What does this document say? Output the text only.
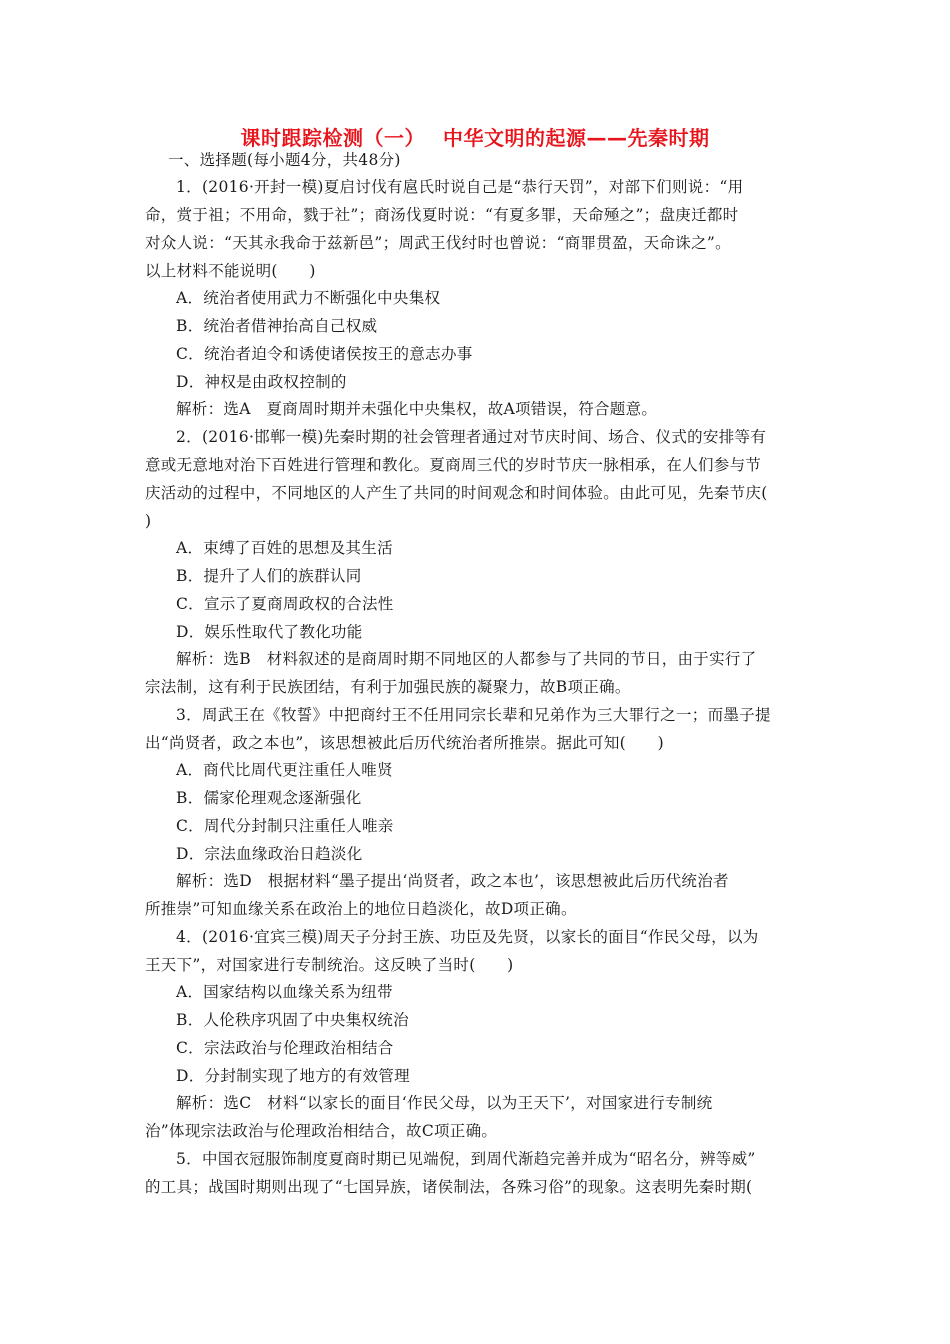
课时跟踪检测（一）　 中华文明的起源——先秦时期
一、选择题(每小题4分，共48分)
1．(2016·开封一模)夏启讨伐有扈氏时说自己是“恭行天罚”，对部下们则说：“用
命，赏于祖；不用命，戮于社”；商汤伐夏时说：“有夏多罪，天命殛之”；盘庚迁都时
对众人说：“天其永我命于兹新邑”；周武王伐纣时也曾说：“商罪贯盈，天命诛之”。
以上材料不能说明(　　)
A．统治者使用武力不断强化中央集权
B．统治者借神抬高自己权威
C．统治者迫令和诱使诸侯按王的意志办事
D．神权是由政权控制的
解析：选A　夏商周时期并未强化中央集权，故A项错误，符合题意。
2．(2016·邯郸一模)先秦时期的社会管理者通过对节庆时间、场合、仪式的安排等有
意或无意地对治下百姓进行管理和教化。夏商周三代的岁时节庆一脉相承，在人们参与节
庆活动的过程中，不同地区的人产生了共同的时间观念和时间体验。由此可见，先秦节庆(
)
A．束缚了百姓的思想及其生活
B．提升了人们的族群认同
C．宣示了夏商周政权的合法性
D．娱乐性取代了教化功能
解析：选B　材料叙述的是商周时期不同地区的人都参与了共同的节日，由于实行了
宗法制，这有利于民族团结，有利于加强民族的凝聚力，故B项正确。
3．周武王在《牧誓》中把商纣王不任用同宗长辈和兄弟作为三大罪行之一；而墨子提
出“尚贤者，政之本也”，该思想被此后历代统治者所推崇。据此可知(　　)
A．商代比周代更注重任人唯贤
B．儒家伦理观念逐渐强化
C．周代分封制只注重任人唯亲
D．宗法血缘政治日趋淡化
解析：选D　根据材料“墨子提出‘尚贤者，政之本也’，该思想被此后历代统治者
所推崇”可知血缘关系在政治上的地位日趋淡化，故D项正确。
4．(2016·宜宾三模)周天子分封王族、功臣及先贤，以家长的面目“作民父母，以为
王天下”，对国家进行专制统治。这反映了当时(　　)
A．国家结构以血缘关系为纽带
B．人伦秩序巩固了中央集权统治
C．宗法政治与伦理政治相结合
D．分封制实现了地方的有效管理
解析：选C　材料“以家长的面目‘作民父母，以为王天下’，对国家进行专制统
治”体现宗法政治与伦理政治相结合，故C项正确。
5．中国衣冠服饰制度夏商时期已见端倪，到周代渐趋完善并成为“昭名分，辨等威”
的工具；战国时期则出现了“七国异族，诸侯制法，各殊习俗”的现象。这表明先秦时期(
